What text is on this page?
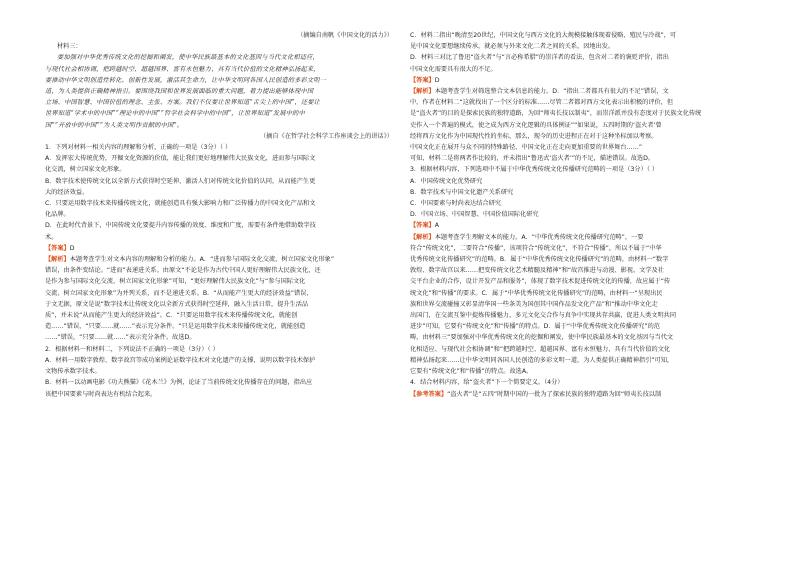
（摘编自南帆《中国文化的活力》）

材料三：

要加强对中华优秀传统文化的挖掘和阐发，使中华民族最基本的文化基因与当代文化相适应，

与现代社会相协调，把跨越时空、超越国界、富有永恒魅力、具有当代价值的文化精神弘扬起来，

要推动中华文明创造性转化、创新性发展，激活其生命力，让中华文明同各国人民创造的多彩文明一

道，为人类提供正确精神指引。要围绕我国和世界发展面临的重大问题，着力提出能够体现中国

立场、中国智慧、中国价值的理念、主张、方案。我们不仅要让世界知道“舌尖上的中国”，还要让

世界知道“学术中的中国”“理论中的中国”“哲学社会科学中的中国”，让世界知道“发展中的中

国”“开放中的中国”“为人类文明作贡献的中国”。

（摘自《在哲学社会科学工作座谈会上的讲话》）

1．下列对材料一相关内容的理解和分析，正确的一项是（3分）（ ）

A．发挥宏大传统优势，开掘文化资源的价值，能让我们更好地理解伟大民族文化，进而参与国际文

化交流，树立国家文化形象。

B．数字技术使传统文化以全新方式获得时空延伸，激活人们对传统文化价值的认同，从而能产生更

大的经济效益。

C．只要运用数字技术来传播传统文化，就能创造具有强大影响力和广泛传播力的中国文化产品和文

化品牌。

D．在此时代背景下，中国传统文化要提升内容传播的效度、维度和广度，需要有条件地借助数字技

术。

【答案】D

【解析】本题考查学生对文本内容的理解和分析的能力。A．“进而参与国际文化交流、树立国家文化形象”

错误，由条件变结论。“进而”表递进关系。由原文“不论是作为古代中国人更好理解伟大民族文化，还

是作为参与国际文化交流、树立国家文化形象”可知，“更好理解伟大民族文化”与“参与国际文化

交流、树立国家文化形象”为并列关系，而不是递进关系。B．“从而能产生更大的经济效益”错误，

于文无据，原文是说“数字技术让传统文化以全新方式获得时空延伸，融入生活日常，提升生活品

质”，并未说“从而能产生更大的经济效益”。C．“只要运用数字技术来传播传统文化，就能创

造……”错误，“只要……就……”表示充分条件。“只是运用数字技术来传播传统文化，就能创造

……”错误，“只要……就……”表示充分条件。故选D。

2．根据材料一和材料二，下列说法不正确的一项是（3分）（ ）

A．材料一用数字敦煌、数字故宫等成功案例论证数字技术对文化遗产的支撑，说明以数字技术保护

文物传承数字技术。

B．材料一以动画电影《功夫熊猫》《花木兰》为例，论证了当前传统文化传播存在的问题，指出应

该把中国要素与时尚表达有机结合起来。

C．材料二指出“晚清至20世纪，中国文化与西方文化的大规模接触体现着侵略、殖民与冷战”，可

见中国文化要想继续传承，就必须与外来文化二者之间的关系，因地出发。

D．材料三对比了鲁迅“盗火者”与“言必称希腊”的崇洋者的看法，包含对二者的褒贬评价，指出

中国文化需要具有很大的不足。

【答案】D

【解析】本题考查学生对筛选整合文本信息的能力。D．“指出二者都具有很大的不足”错误，文

中，作者在材料二“这就找出了一个区分的标准……尽管二者都对西方文化表示出积极的评价，但

是“盗火者”的目的是探索民族的独特道路，为回“师夷长技以制夷”，而崇洋派并没有态度对于民族文化传统

史作入一个普遍的模式，使之成为西方文化逻辑的具体例证”“如果说，五四时期的‘盗火者’曾

经将西方文化作为中国现代性的坐标，那么，现今的历史进程正在对于这种坐标加以考察。

中国文化正在展开与众不同的特殊路径，中国文化正在走向更加重要的世界舞台……”

可知，材料二是将两者作比较的，并未指出“鲁迅式‘盗火者’”的不足，描述错误。故选D。

3．根据材料内容，下列选项中不属于中华优秀传统文化传播研究范畴的一项是（3分）（ ）

A．中国传统文化优势研究

B．数字技术与中国文化遗产关系研究

C．中国要素与时尚表达结合研究

D．中国立场、中国智慧、中国价值国际化研究

【答案】A

【解析】本题考查学生理解文本的能力。A．“中华优秀传统文化传播研究范畴”，一要

符合“传统文化”，二要符合“传播”，该项符合“传统文化”，不符合“传播”，所以不属于“中华

优秀传统文化传播研究”的范畴。B．属于“中华优秀传统文化传播研究”的范畴，由材料一“数字

敦煌、数字故宫以来……把变传统文化艺术精髓及精神”和“故宫推进与动漫、影视、文学及社

交平台企业的合作，设计开发产品和服务”，体现了数字技术促进传统文化的传播，故应属于“传

统文化”和“传播”的要求。C．属于“中华优秀传统文化传播研究”的范畴，由材料一“呈现出民

族和世界交流碰撞又彰显清华国一些条美为国创其中国作品发文化产品”和“推动中华文化走

出国门，在交流互鉴中提炼传播魅力，多元文化交合作与真争中实现共存共赢，促进人类文明共同

进步”可知，它要有“传统文化”和“传播”的特点。D．属于“中华优秀传统文化传播研究”的范

畴，由材料三“要加强对中华优秀传统文化的挖掘和阐发，使中华民族最基本的文化基因与当代文

化相适应、与现代社会相协调”和“把跨越时空、超越国界、富有永恒魅力、具有当代价值的文化

精神弘扬起来……让中华文明同各国人民创造的多彩文明一道，为人类提供正确精神指引”可知，

它要有“传统文化”和“传播”的特点。故选A。

4．结合材料内容，给“盗火者”下一个简要定义。（4分）

【参考答案】“盗火者”是“五四”时期中国的一批为了探索民族的独特道路为回“师夷长技以制
